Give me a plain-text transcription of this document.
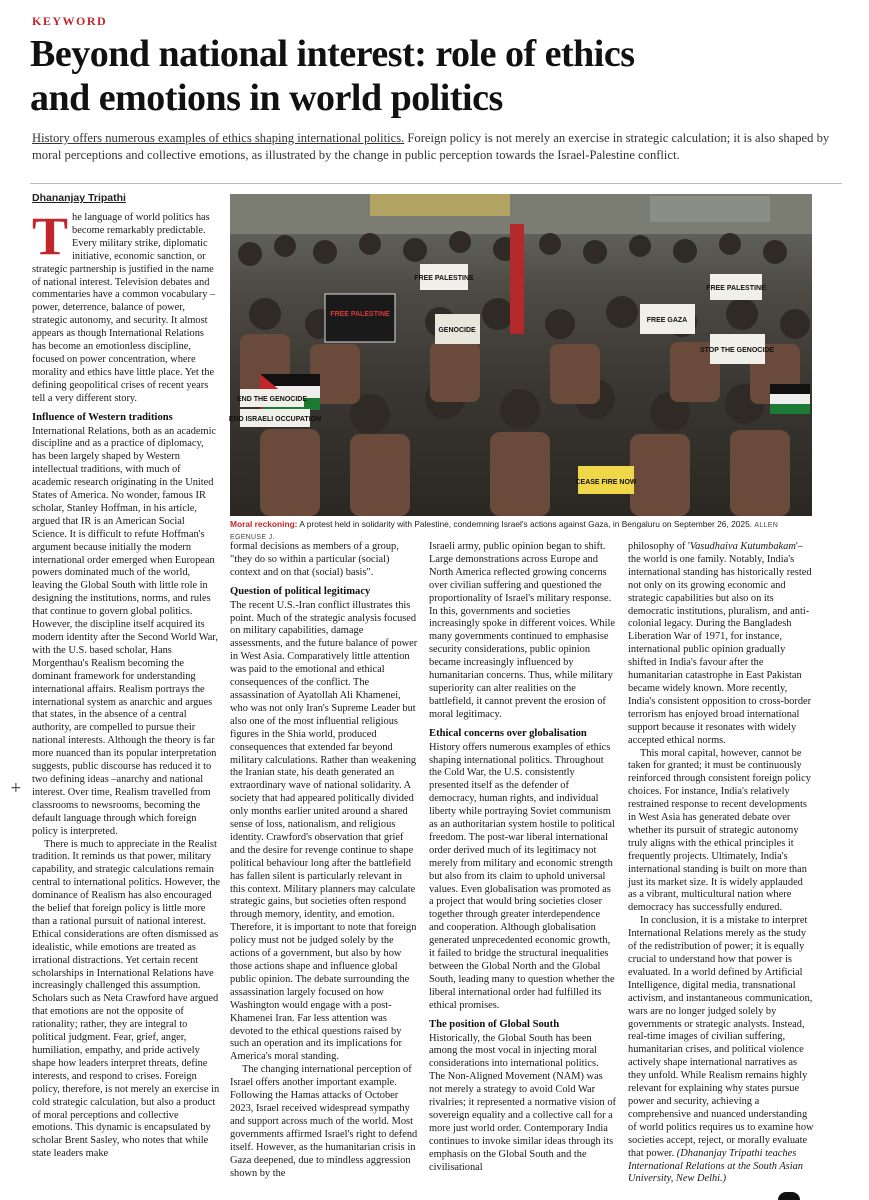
KEYWORD
Beyond national interest: role of ethics
and emotions in world politics

History offers numerous examples of ethics shaping international politics. Foreign policy is not merely an exercise in strategic calculation; it is also shaped by moral perceptions and collective emotions, as illustrated by the change in public perception towards the Israel-Palestine conflict.

Dhananjay Tripathi
FREE PALESTINE
END THE GENOCIDE
END ISRAELI OCCUPATION
GENOCIDE
CEASE FIRE NOW
FREE GAZA
STOP THE GENOCIDE
FREE PALESTINE
FREE PALESTINE
Moral reckoning: A protest held in solidarity with Palestine, condemning Israel's actions against Gaza, in Bengaluru on September 26, 2025. ALLEN EGENUSE J.

The language of world politics has become remarkably predictable. Every military strike, diplomatic initiative, economic sanction, or strategic partnership is justified in the name of national interest. Television debates and commentaries have a common vocabulary – power, deterrence, balance of power, strategic autonomy, and security. It almost appears as though International Relations has become an emotionless discipline, focused on power concentration, where morality and ethics have little place. Yet the defining geopolitical crises of recent years tell a very different story.

Influence of Western traditions

International Relations, both as an academic discipline and as a practice of diplomacy, has been largely shaped by Western intellectual traditions, with much of academic research originating in the United States of America. No wonder, famous IR scholar, Stanley Hoffman, in his article, argued that IR is an American Social Science. It is difficult to refute Hoffman's argument because initially the modern international order emerged when European powers dominated much of the world, leaving the Global South with little role in designing the institutions, norms, and rules that continue to govern global politics. However, the discipline itself acquired its modern identity after the Second World War, with the U.S. based scholar, Hans Morgenthau's Realism becoming the dominant framework for understanding international affairs. Realism portrays the international system as anarchic and argues that states, in the absence of a central authority, are compelled to pursue their national interests. Although the theory is far more nuanced than its popular interpretation suggests, public discourse has reduced it to two defining ideas –anarchy and national interest. Over time, Realism travelled from classrooms to newsrooms, becoming the default language through which foreign policy is interpreted.

There is much to appreciate in the Realist tradition. It reminds us that power, military capability, and strategic calculations remain central to international politics. However, the dominance of Realism has also encouraged the belief that foreign policy is little more than a rational pursuit of national interest. Ethical considerations are often dismissed as idealistic, while emotions are treated as irrational distractions. Yet certain recent scholarships in International Relations have increasingly challenged this assumption. Scholars such as Neta Crawford have argued that emotions are not the opposite of rationality; rather, they are integral to political judgment. Fear, grief, anger, humiliation, empathy, and pride actively shape how leaders interpret threats, define interests, and respond to crises. Foreign policy, therefore, is not merely an exercise in cold strategic calculation, but also a product of moral perceptions and collective emotions. This dynamic is encapsulated by scholar Brent Sasley, who notes that while state leaders make

formal decisions as members of a group, "they do so within a particular (social) context and on that (social) basis".

Question of political legitimacy

The recent U.S.-Iran conflict illustrates this point. Much of the strategic analysis focused on military capabilities, damage assessments, and the future balance of power in West Asia. Comparatively little attention was paid to the emotional and ethical consequences of the conflict. The assassination of Ayatollah Ali Khamenei, who was not only Iran's Supreme Leader but also one of the most influential religious figures in the Shia world, produced consequences that extended far beyond military calculations. Rather than weakening the Iranian state, his death generated an extraordinary wave of national solidarity. A society that had appeared politically divided only months earlier united around a shared sense of loss, nationalism, and religious identity. Crawford's observation that grief and the desire for revenge continue to shape political behaviour long after the battlefield has fallen silent is particularly relevant in this context. Military planners may calculate strategic gains, but societies often respond through memory, identity, and emotion. Therefore, it is important to note that foreign policy must not be judged solely by the actions of a government, but also by how those actions shape and influence global public opinion. The debate surrounding the assassination largely focused on how Washington would engage with a post-Khamenei Iran. Far less attention was devoted to the ethical questions raised by such an operation and its implications for America's moral standing.

The changing international perception of Israel offers another important example. Following the Hamas attacks of October 2023, Israel received widespread sympathy and support across much of the world. Most governments affirmed Israel's right to defend itself. However, as the humanitarian crisis in Gaza deepened, due to mindless aggression shown by the

Israeli army, public opinion began to shift. Large demonstrations across Europe and North America reflected growing concerns over civilian suffering and questioned the proportionality of Israel's military response. In this, governments and societies increasingly spoke in different voices. While many governments continued to emphasise security considerations, public opinion became increasingly influenced by humanitarian concerns. Thus, while military superiority can alter realities on the battlefield, it cannot prevent the erosion of moral legitimacy.

Ethical concerns over globalisation

History offers numerous examples of ethics shaping international politics. Throughout the Cold War, the U.S. consistently presented itself as the defender of democracy, human rights, and individual liberty while portraying Soviet communism as an authoritarian system hostile to political freedom. The post-war liberal international order derived much of its legitimacy not merely from military and economic strength but also from its claim to uphold universal values. Even globalisation was promoted as a project that would bring societies closer together through greater interdependence and cooperation. Although globalisation generated unprecedented economic growth, it failed to bridge the structural inequalities between the Global North and the Global South, leading many to question whether the liberal international order had fulfilled its ethical promises.

The position of Global South

Historically, the Global South has been among the most vocal in injecting moral considerations into international politics. The Non-Aligned Movement (NAM) was not merely a strategy to avoid Cold War rivalries; it represented a normative vision of sovereign equality and a collective call for a more just world order. Contemporary India continues to invoke similar ideas through its emphasis on the Global South and the civilisational

philosophy of 'Vasudhaiva Kutumbakam'– the world is one family. Notably, India's international standing has historically rested not only on its growing economic and strategic capabilities but also on its democratic institutions, pluralism, and anti-colonial legacy. During the Bangladesh Liberation War of 1971, for instance, international public opinion gradually shifted in India's favour after the humanitarian catastrophe in East Pakistan became widely known. More recently, India's consistent opposition to cross-border terrorism has enjoyed broad international support because it resonates with widely accepted ethical norms.

This moral capital, however, cannot be taken for granted; it must be continuously reinforced through consistent foreign policy choices. For instance, India's relatively restrained response to recent developments in West Asia has generated debate over whether its pursuit of strategic autonomy truly aligns with the ethical principles it frequently projects. Ultimately, India's international standing is built on more than just its market size. It is widely applauded as a vibrant, multicultural nation where democracy has successfully endured.

In conclusion, it is a mistake to interpret International Relations merely as the study of the redistribution of power; it is equally crucial to understand how that power is evaluated. In a world defined by Artificial Intelligence, digital media, transnational activism, and instantaneous communication, wars are no longer judged solely by governments or strategic analysts. Instead, real-time images of civilian suffering, humanitarian crises, and political violence actively shape international narratives as they unfold. While Realism remains highly relevant for explaining why states pursue power and security, achieving a comprehensive and nuanced understanding of world politics requires us to examine how societies accept, reject, or morally evaluate that power. (Dhananjay Tripathi teaches International Relations at the South Asian University, New Delhi.)

+
